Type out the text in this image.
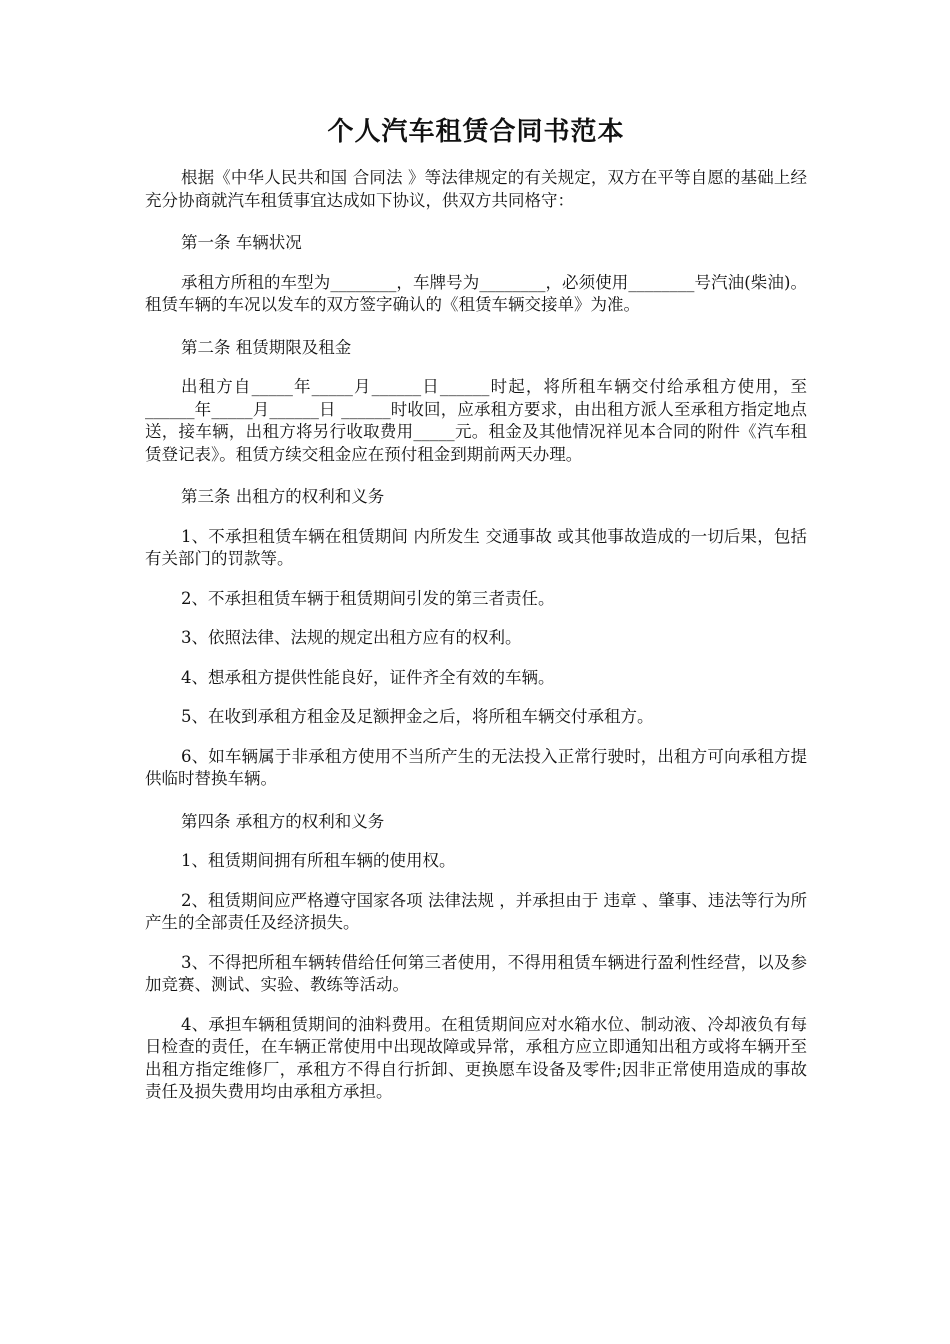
个人汽车租赁合同书范本

根据《中华人民共和国 合同法 》等法律规定的有关规定，双方在平等自愿的基础上经充分协商就汽车租赁事宜达成如下协议，供双方共同格守：

第一条 车辆状况

承租方所租的车型为________，车牌号为________，必须使用________号汽油(柴油)。租赁车辆的车况以发车的双方签字确认的《租赁车辆交接单》为准。

第二条 租赁期限及租金

出租方自_____年_____月______日______时起，将所租车辆交付给承租方使用，至______年_____月______日 ______时收回，应承租方要求，由出租方派人至承租方指定地点送，接车辆，出租方将另行收取费用_____元。租金及其他情况祥见本合同的附件《汽车租赁登记表》。租赁方续交租金应在预付租金到期前两天办理。

第三条 出租方的权利和义务

1、不承担租赁车辆在租赁期间 内所发生 交通事故 或其他事故造成的一切后果，包括有关部门的罚款等。

2、不承担租赁车辆于租赁期间引发的第三者责任。

3、依照法律、法规的规定出租方应有的权利。

4、想承租方提供性能良好，证件齐全有效的车辆。

5、在收到承租方租金及足额押金之后，将所租车辆交付承租方。

6、如车辆属于非承租方使用不当所产生的无法投入正常行驶时，出租方可向承租方提供临时替换车辆。

第四条 承租方的权利和义务

1、租赁期间拥有所租车辆的使用权。

2、租赁期间应严格遵守国家各项 法律法规 ，并承担由于 违章 、肇事、违法等行为所产生的全部责任及经济损失。

3、不得把所租车辆转借给任何第三者使用，不得用租赁车辆进行盈利性经营，以及参加竞赛、测试、实验、教练等活动。

4、承担车辆租赁期间的油料费用。在租赁期间应对水箱水位、制动液、冷却液负有每日检查的责任，在车辆正常使用中出现故障或异常，承租方应立即通知出租方或将车辆开至出租方指定维修厂，承租方不得自行折卸、更换愿车设备及零件;因非正常使用造成的事故责任及损失费用均由承租方承担。
